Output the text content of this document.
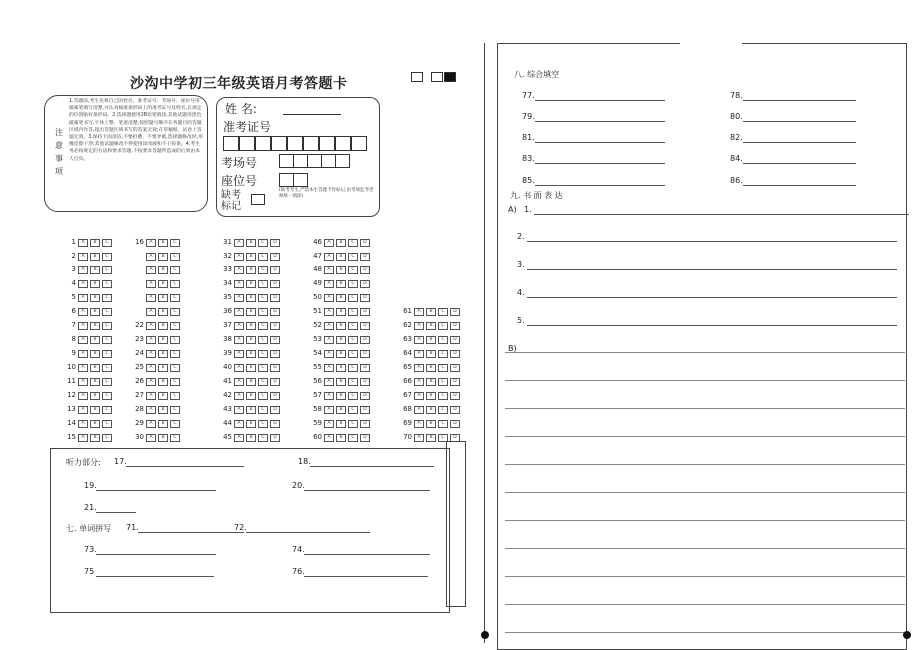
沙沟中学初三年级英语月考答题卡
注意事项
1.答题前,考生先将自己的姓名、准考证号、考场号、座位号用碳素笔填写清楚,并认真核准条形码上的准考证号及姓名,在规定的位置贴好条形码。2.选择题使用2B铅笔填涂,其他试题用黑色碳素笔书写,字体工整、笔迹清楚,按照题号顺序在各题目的答题区域内作答,超出答题区域书写的答案无效;在草稿纸、试卷上答题无效。3.保持卡面清洁,不要折叠、不要弄破,选择题修改时,用橡皮擦干净;其他试题修改不得使用涂改液和不干胶条。4.考生务必按规定的方法和要求答题,不按要求答题所造成的后果由本人自负。
姓 名:
准考证号
考场号
座位号
缺考标记
(缺考考生,严禁本生答题卡作标记,由考场监考老师统一填涂)
1	A	B	C
2	A	B	C
3	A	B	C
4	A	B	C
5	A	B	C
6	A	B	C
7	A	B	C
8	A	B	C
9	A	B	C
10	A	B	C
11	A	B	C
12	A	B	C
13	A	B	C
14	A	B	C
15	A	B	C
16	A	B	C
A	B	C
A	B	C
A	B	C
A	B	C
A	B	C
22	A	B	C
23	A	B	C
24	A	B	C
25	A	B	C
26	A	B	C
27	A	B	C
28	A	B	C
29	A	B	C
30	A	B	C
31	A	B	C	D
32	A	B	C	D
33	A	B	C	D
34	A	B	C	D
35	A	B	C	D
36	A	B	C	D
37	A	B	C	D
38	A	B	C	D
39	A	B	C	D
40	A	B	C	D
41	A	B	C	D
42	A	B	C	D
43	A	B	C	D
44	A	B	C	D
45	A	B	C	D
46	A	B	C	D
47	A	B	C	D
48	A	B	C	D
49	A	B	C	D
50	A	B	C	D
51	A	B	C	D
52	A	B	C	D
53	A	B	C	D
54	A	B	C	D
55	A	B	C	D
56	A	B	C	D
57	A	B	C	D
58	A	B	C	D
59	A	B	C	D
60	A	B	C	D
61	A	B	C	D
62	A	B	C	D
63	A	B	C	D
64	A	B	C	D
65	A	B	C	D
66	A	B	C	D
67	A	B	C	D
68	A	B	C	D
69	A	B	C	D
70	A	B	C	D
听力部分: 17.	18.
19.	20.
21.
七. 单词拼写 71.	72.
73.	74.
75	76.
八. 综合填空
77.
79.
81.
83.
85.
78.
80.
82.
84.
86.
九. 书 面 表 达
A) 1.
2.
3.
4.
5.
B)
